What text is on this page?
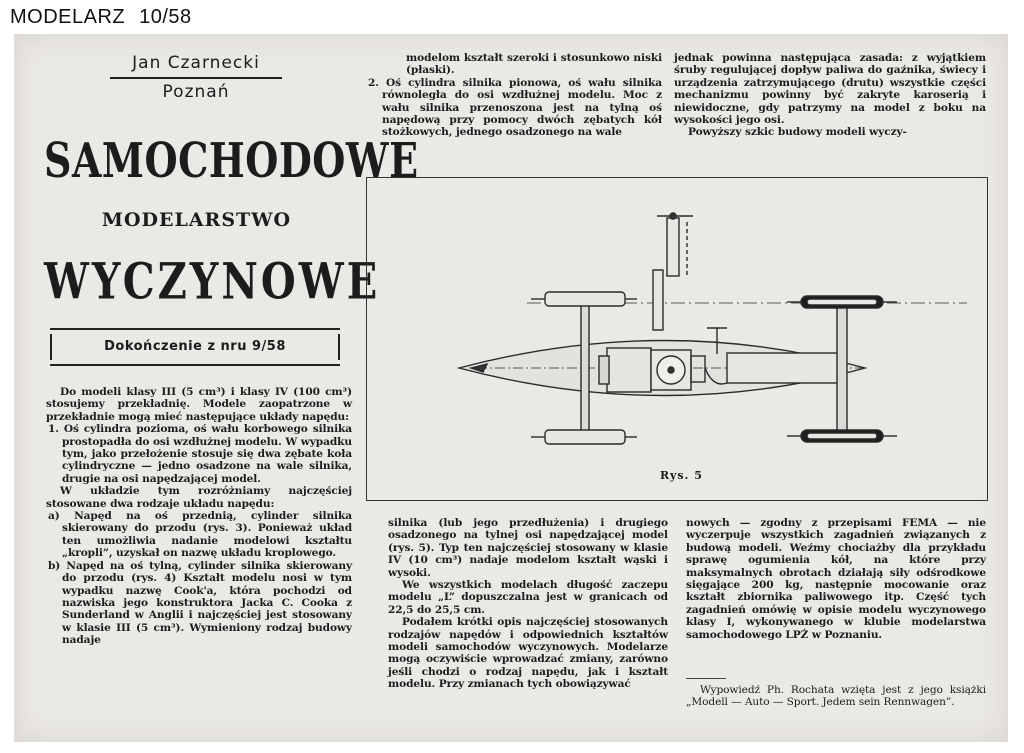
MODELARZ 10/58
Jan Czarnecki
Poznań
SAMOCHODOWE
MODELARSTWO
WYCZYNOWE
Dokończenie z nru 9/58

Do modeli klasy III (5 cm³) i klasy IV (100 cm³) stosujemy przekładnię. Modele zaopatrzone w przekładnie mogą mieć następujące układy napędu:

1. Oś cylindra pozioma, oś wału korbowego silnika prostopadła do osi wzdłużnej modelu. W wypadku tym, jako przełożenie stosuje się dwa zębate koła cylindryczne — jedno osadzone na wale silnika, drugie na osi napędzającej model.

W układzie tym rozróżniamy najczęściej stosowane dwa rodzaje układu napędu:

a) Napęd na oś przednią, cylinder silnika skierowany do przodu (rys. 3). Ponieważ układ ten umożliwia nadanie modelowi kształtu „kropli”, uzyskał on nazwę układu kroplowego.

b) Napęd na oś tylną, cylinder silnika skierowany do przodu (rys. 4) Kształt modelu nosi w tym wypadku nazwę Cook'a, która pochodzi od nazwiska jego konstruktora Jacka C. Cooka z Sunderland w Anglii i najczęściej jest stosowany w klasie III (5 cm³). Wymieniony rodzaj budowy nadaje

modelom kształt szeroki i stosunkowo niski (płaski).

2. Oś cylindra silnika pionowa, oś wału silnika równoległa do osi wzdłużnej modelu. Moc z wału silnika przenoszona jest na tylną oś napędową przy pomocy dwóch zębatych kół stożkowych, jednego osadzonego na wale

jednak powinna następująca zasada: z wyjątkiem śruby regulującej dopływ paliwa do gaźnika, świecy i urządzenia zatrzymującego (drutu) wszystkie części mechanizmu powinny być zakryte karoserią i niewidoczne, gdy patrzymy na model z boku na wysokości jego osi.

Powyższy szkic budowy modeli wyczy-

Rys. 5

silnika (lub jego przedłużenia) i drugiego osadzonego na tylnej osi napędzającej model (rys. 5). Typ ten najczęściej stosowany w klasie IV (10 cm³) nadaje modelom kształt wąski i wysoki.

We wszystkich modelach długość zaczepu modelu „L” dopuszczalna jest w granicach od 22,5 do 25,5 cm.

Podałem krótki opis najczęściej stosowanych rodzajów napędów i odpowiednich kształtów modeli samochodów wyczynowych. Modelarze mogą oczywiście wprowadzać zmiany, zarówno jeśli chodzi o rodzaj napędu, jak i kształt modelu. Przy zmianach tych obowiązywać

nowych — zgodny z przepisami FEMA — nie wyczerpuje wszystkich zagadnień związanych z budową modeli. Weźmy chociażby dla przykładu sprawę ogumienia kół, na które przy maksymalnych obrotach działają siły odśrodkowe sięgające 200 kg, następnie mocowanie oraz kształt zbiornika paliwowego itp. Część tych zagadnień omówię w opisie modelu wyczynowego klasy I, wykonywanego w klubie modelarstwa samochodowego LPŻ w Poznaniu.

Wypowiedź Ph. Rochata wzięta jest z jego książki „Modell — Auto — Sport. Jedem sein Rennwagen”.
